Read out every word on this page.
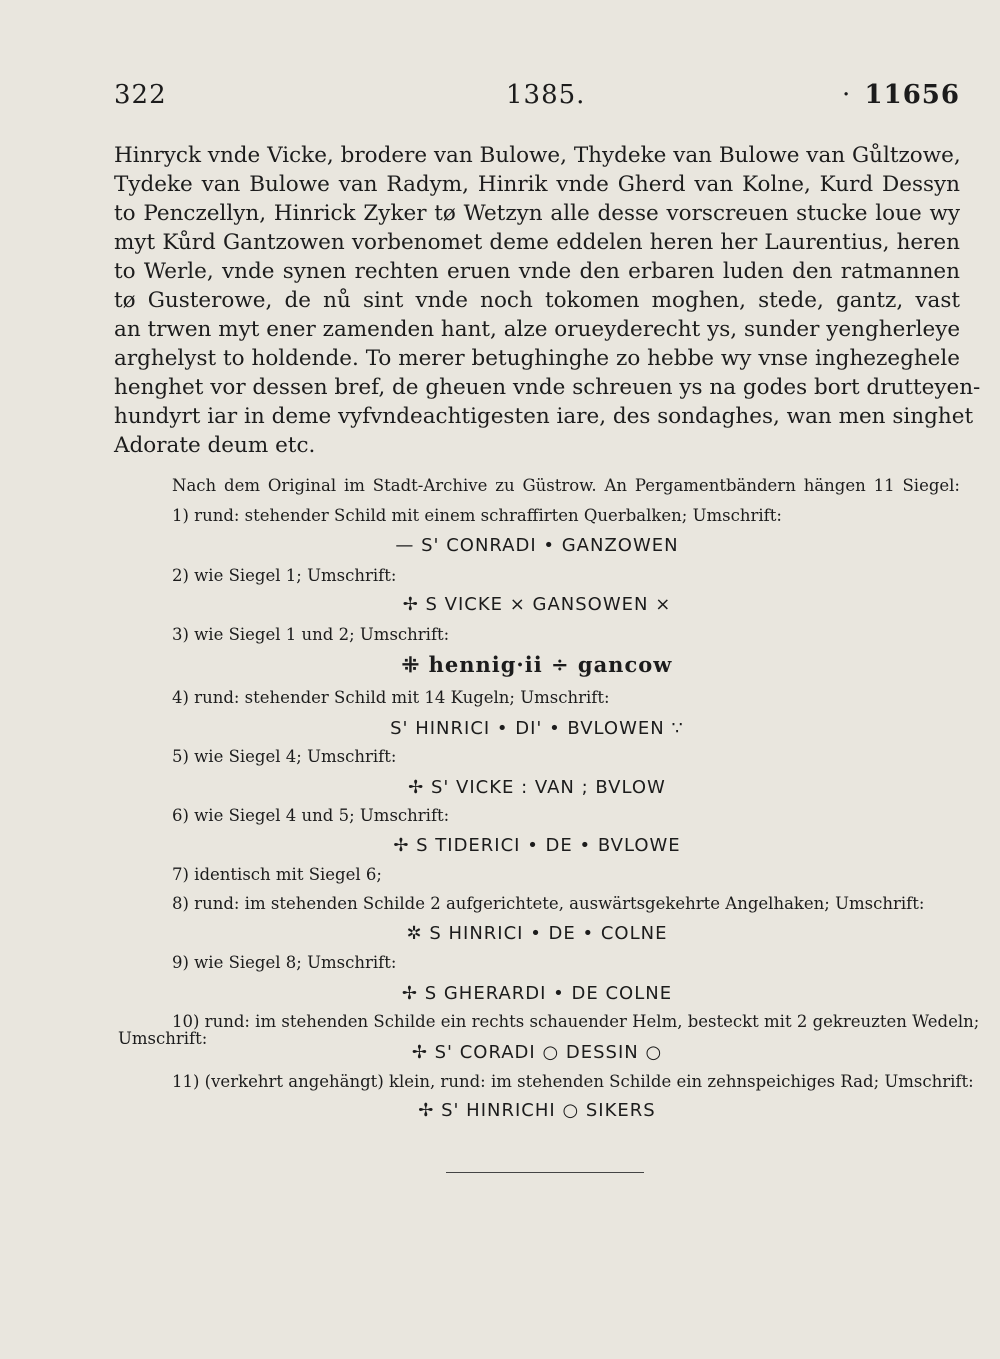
322	1385.	· 11656
Hinryck vnde Vicke, brodere van Bulowe, Thydeke van Bulowe van Gůltzowe,
Tydeke van Bulowe van Radym, Hinrik vnde Gherd van Kolne, Kurd Dessyn
to Penczellyn, Hinrick Zyker tø Wetzyn alle desse vorscreuen stucke loue wy
myt Kůrd Gantzowen vorbenomet deme eddelen heren her Laurentius, heren
to Werle, vnde synen rechten eruen vnde den erbaren luden den ratmannen
tø Gusterowe, de nů sint vnde noch tokomen moghen, stede, gantz, vast
an trwen myt ener zamenden hant, alze orueyderecht ys, sunder yengherleye
arghelyst to holdende. To merer betughinghe zo hebbe wy vnse inghezeghele
henghet vor dessen bref, de gheuen vnde schreuen ys na godes bort drutteyen-
hundyrt iar in deme vyfvndeachtigesten iare, des sondaghes, wan men singhet
Adorate deum etc.
Nach dem Original im Stadt-Archive zu Güstrow. An Pergamentbändern hängen 11 Siegel:
1) rund: stehender Schild mit einem schraffirten Querbalken; Umschrift:
— S' CONRADI • GANZOWEN
2) wie Siegel 1; Umschrift:
✢ S VICKE × GANSOWEN ×
3) wie Siegel 1 und 2; Umschrift:
⁜ hennig·ii ÷ gancow
4) rund: stehender Schild mit 14 Kugeln; Umschrift:
S' HINRICI • DI' • BVLOWEN ∵
5) wie Siegel 4; Umschrift:
✢ S' VICKE : VAN ; BVLOW
6) wie Siegel 4 und 5; Umschrift:
✢ S TIDERICI • DE • BVLOWE
7) identisch mit Siegel 6;
8) rund: im stehenden Schilde 2 aufgerichtete, auswärtsgekehrte Angelhaken; Umschrift:
✲ S HINRICI • DE • COLNE
9) wie Siegel 8; Umschrift:
✢ S GHERARDI • DE COLNE
10) rund: im stehenden Schilde ein rechts schauender Helm, besteckt mit 2 gekreuzten Wedeln;
Umschrift:
✢ S' CORADI ○ DESSIN ○
11) (verkehrt angehängt) klein, rund: im stehenden Schilde ein zehnspeichiges Rad; Umschrift:
✢ S' HINRICHI ○ SIKERS
